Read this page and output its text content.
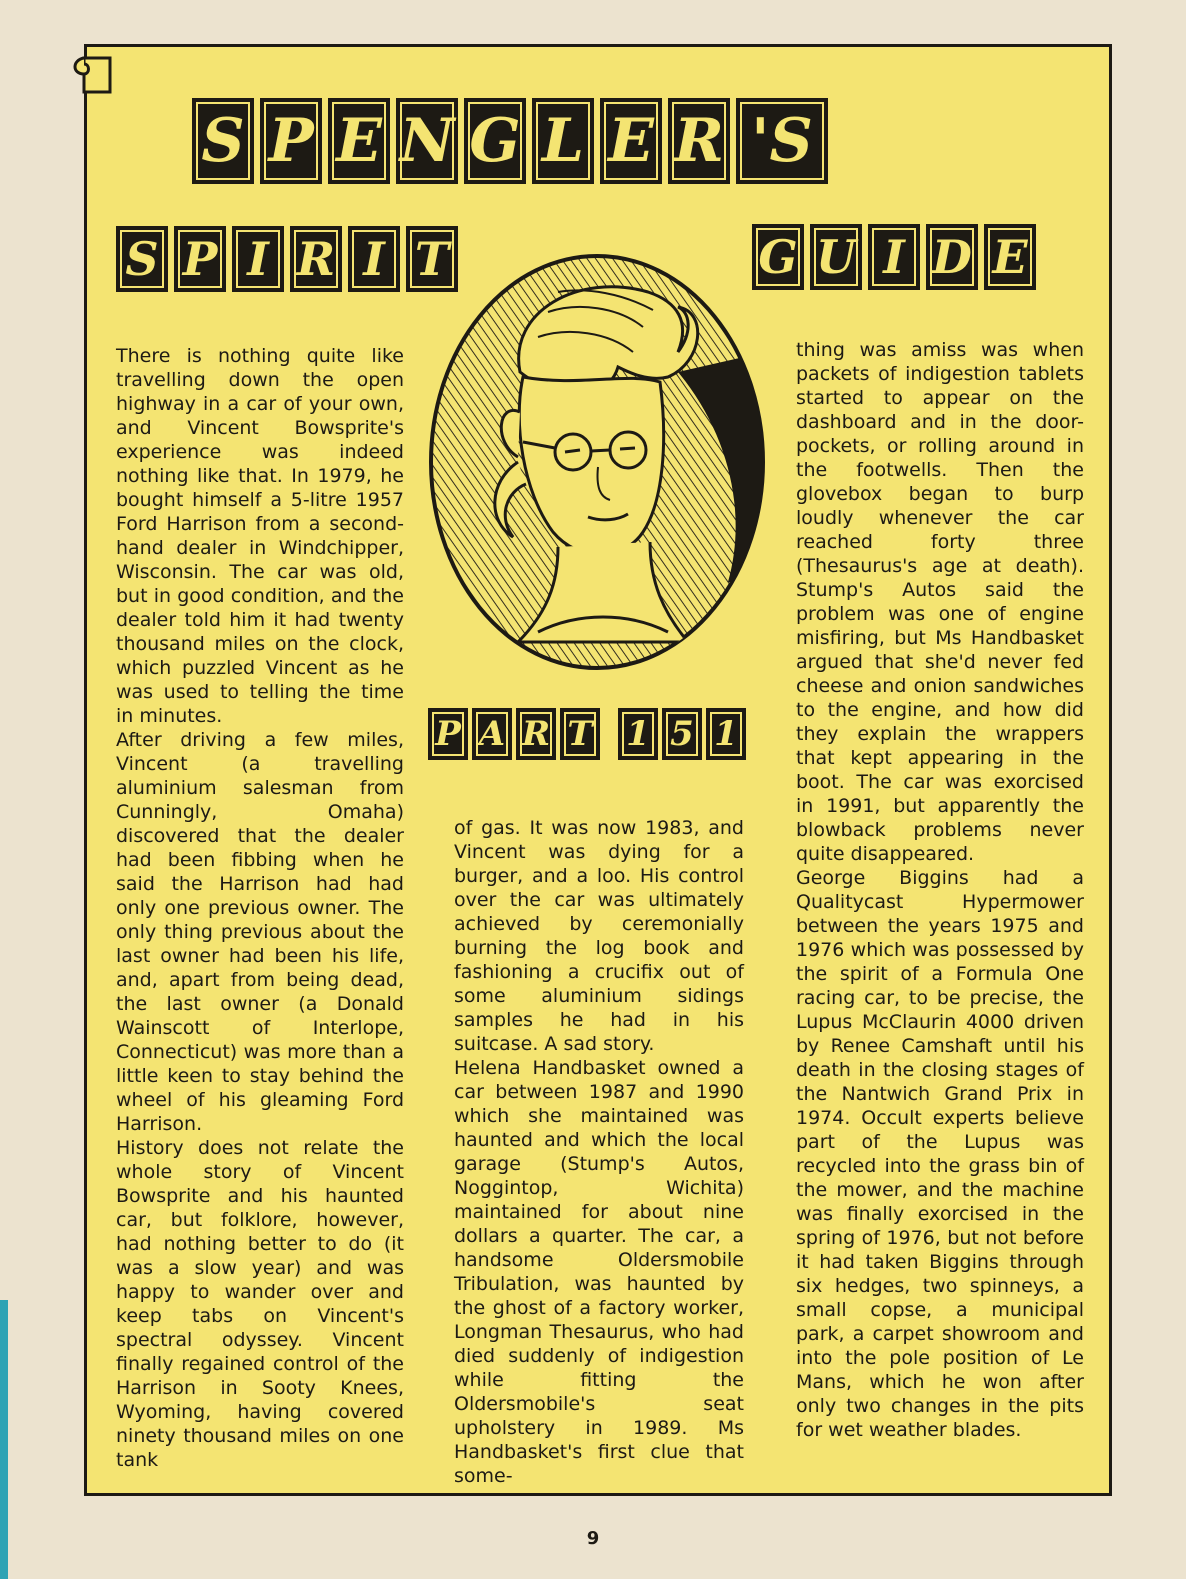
S P E N G L E R 'S
S P I R I T	G U I D E
P A R T 1 5 1

There is nothing quite like travelling down the open highway in a car of your own, and Vincent Bowsprite's experience was indeed nothing like that. In 1979, he bought himself a 5-litre 1957 Ford Harrison from a second-hand dealer in Windchipper, Wisconsin. The car was old, but in good condition, and the dealer told him it had twenty thousand miles on the clock, which puzzled Vincent as he was used to telling the time in minutes.

After driving a few miles, Vincent (a travelling aluminium salesman from Cunningly, Omaha) discovered that the dealer had been fibbing when he said the Harrison had had only one previous owner. The only thing previous about the last owner had been his life, and, apart from being dead, the last owner (a Donald Wainscott of Interlope, Connecticut) was more than a little keen to stay behind the wheel of his gleaming Ford Harrison.

History does not relate the whole story of Vincent Bowsprite and his haunted car, but folklore, however, had nothing better to do (it was a slow year) and was happy to wander over and keep tabs on Vincent's spectral odyssey. Vincent finally regained control of the Harrison in Sooty Knees, Wyoming, having covered ninety thousand miles on one tank

of gas. It was now 1983, and Vincent was dying for a burger, and a loo. His control over the car was ultimately achieved by ceremonially burning the log book and fashioning a crucifix out of some aluminium sidings samples he had in his suitcase. A sad story.

Helena Handbasket owned a car between 1987 and 1990 which she maintained was haunted and which the local garage (Stump's Autos, Noggintop, Wichita) maintained for about nine dollars a quarter. The car, a handsome Oldersmobile Tribulation, was haunted by the ghost of a factory worker, Longman Thesaurus, who had died suddenly of indigestion while fitting the Oldersmobile's seat upholstery in 1989. Ms Handbasket's first clue that some-

thing was amiss was when packets of indigestion tablets started to appear on the dashboard and in the door-pockets, or rolling around in the footwells. Then the glovebox began to burp loudly whenever the car reached forty three (Thesaurus's age at death). Stump's Autos said the problem was one of engine misfiring, but Ms Handbasket argued that she'd never fed cheese and onion sandwiches to the engine, and how did they explain the wrappers that kept appearing in the boot. The car was exorcised in 1991, but apparently the blowback problems never quite disappeared.

George Biggins had a Qualitycast Hypermower between the years 1975 and 1976 which was possessed by the spirit of a Formula One racing car, to be precise, the Lupus McClaurin 4000 driven by Renee Camshaft until his death in the closing stages of the Nantwich Grand Prix in 1974. Occult experts believe part of the Lupus was recycled into the grass bin of the mower, and the machine was finally exorcised in the spring of 1976, but not before it had taken Biggins through six hedges, two spinneys, a small copse, a municipal park, a carpet showroom and into the pole position of Le Mans, which he won after only two changes in the pits for wet weather blades.

9
